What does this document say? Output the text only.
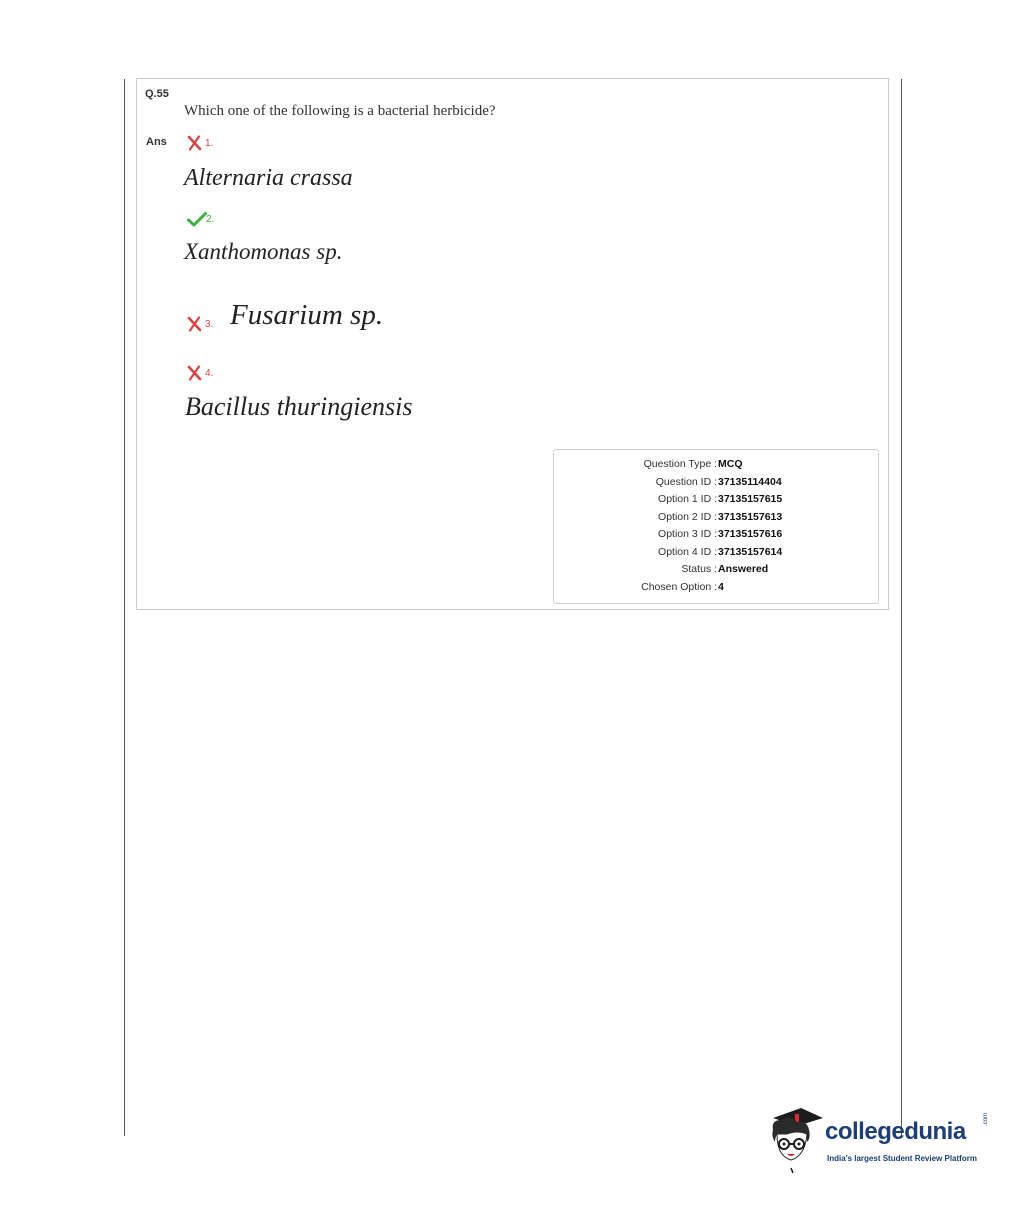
Q.55
Which one of the following is a bacterial herbicide?
Ans	1.
Alternaria crassa
2.
Xanthomonas sp.
3. Fusarium sp.
4.
Bacillus thuringiensis
Question Type : MCQ
Question ID : 37135114404
Option 1 ID : 37135157615
Option 2 ID : 37135157613
Option 3 ID : 37135157616
Option 4 ID : 37135157614
Status : Answered
Chosen Option : 4
collegedunia	.com
India's largest Student Review Platform
